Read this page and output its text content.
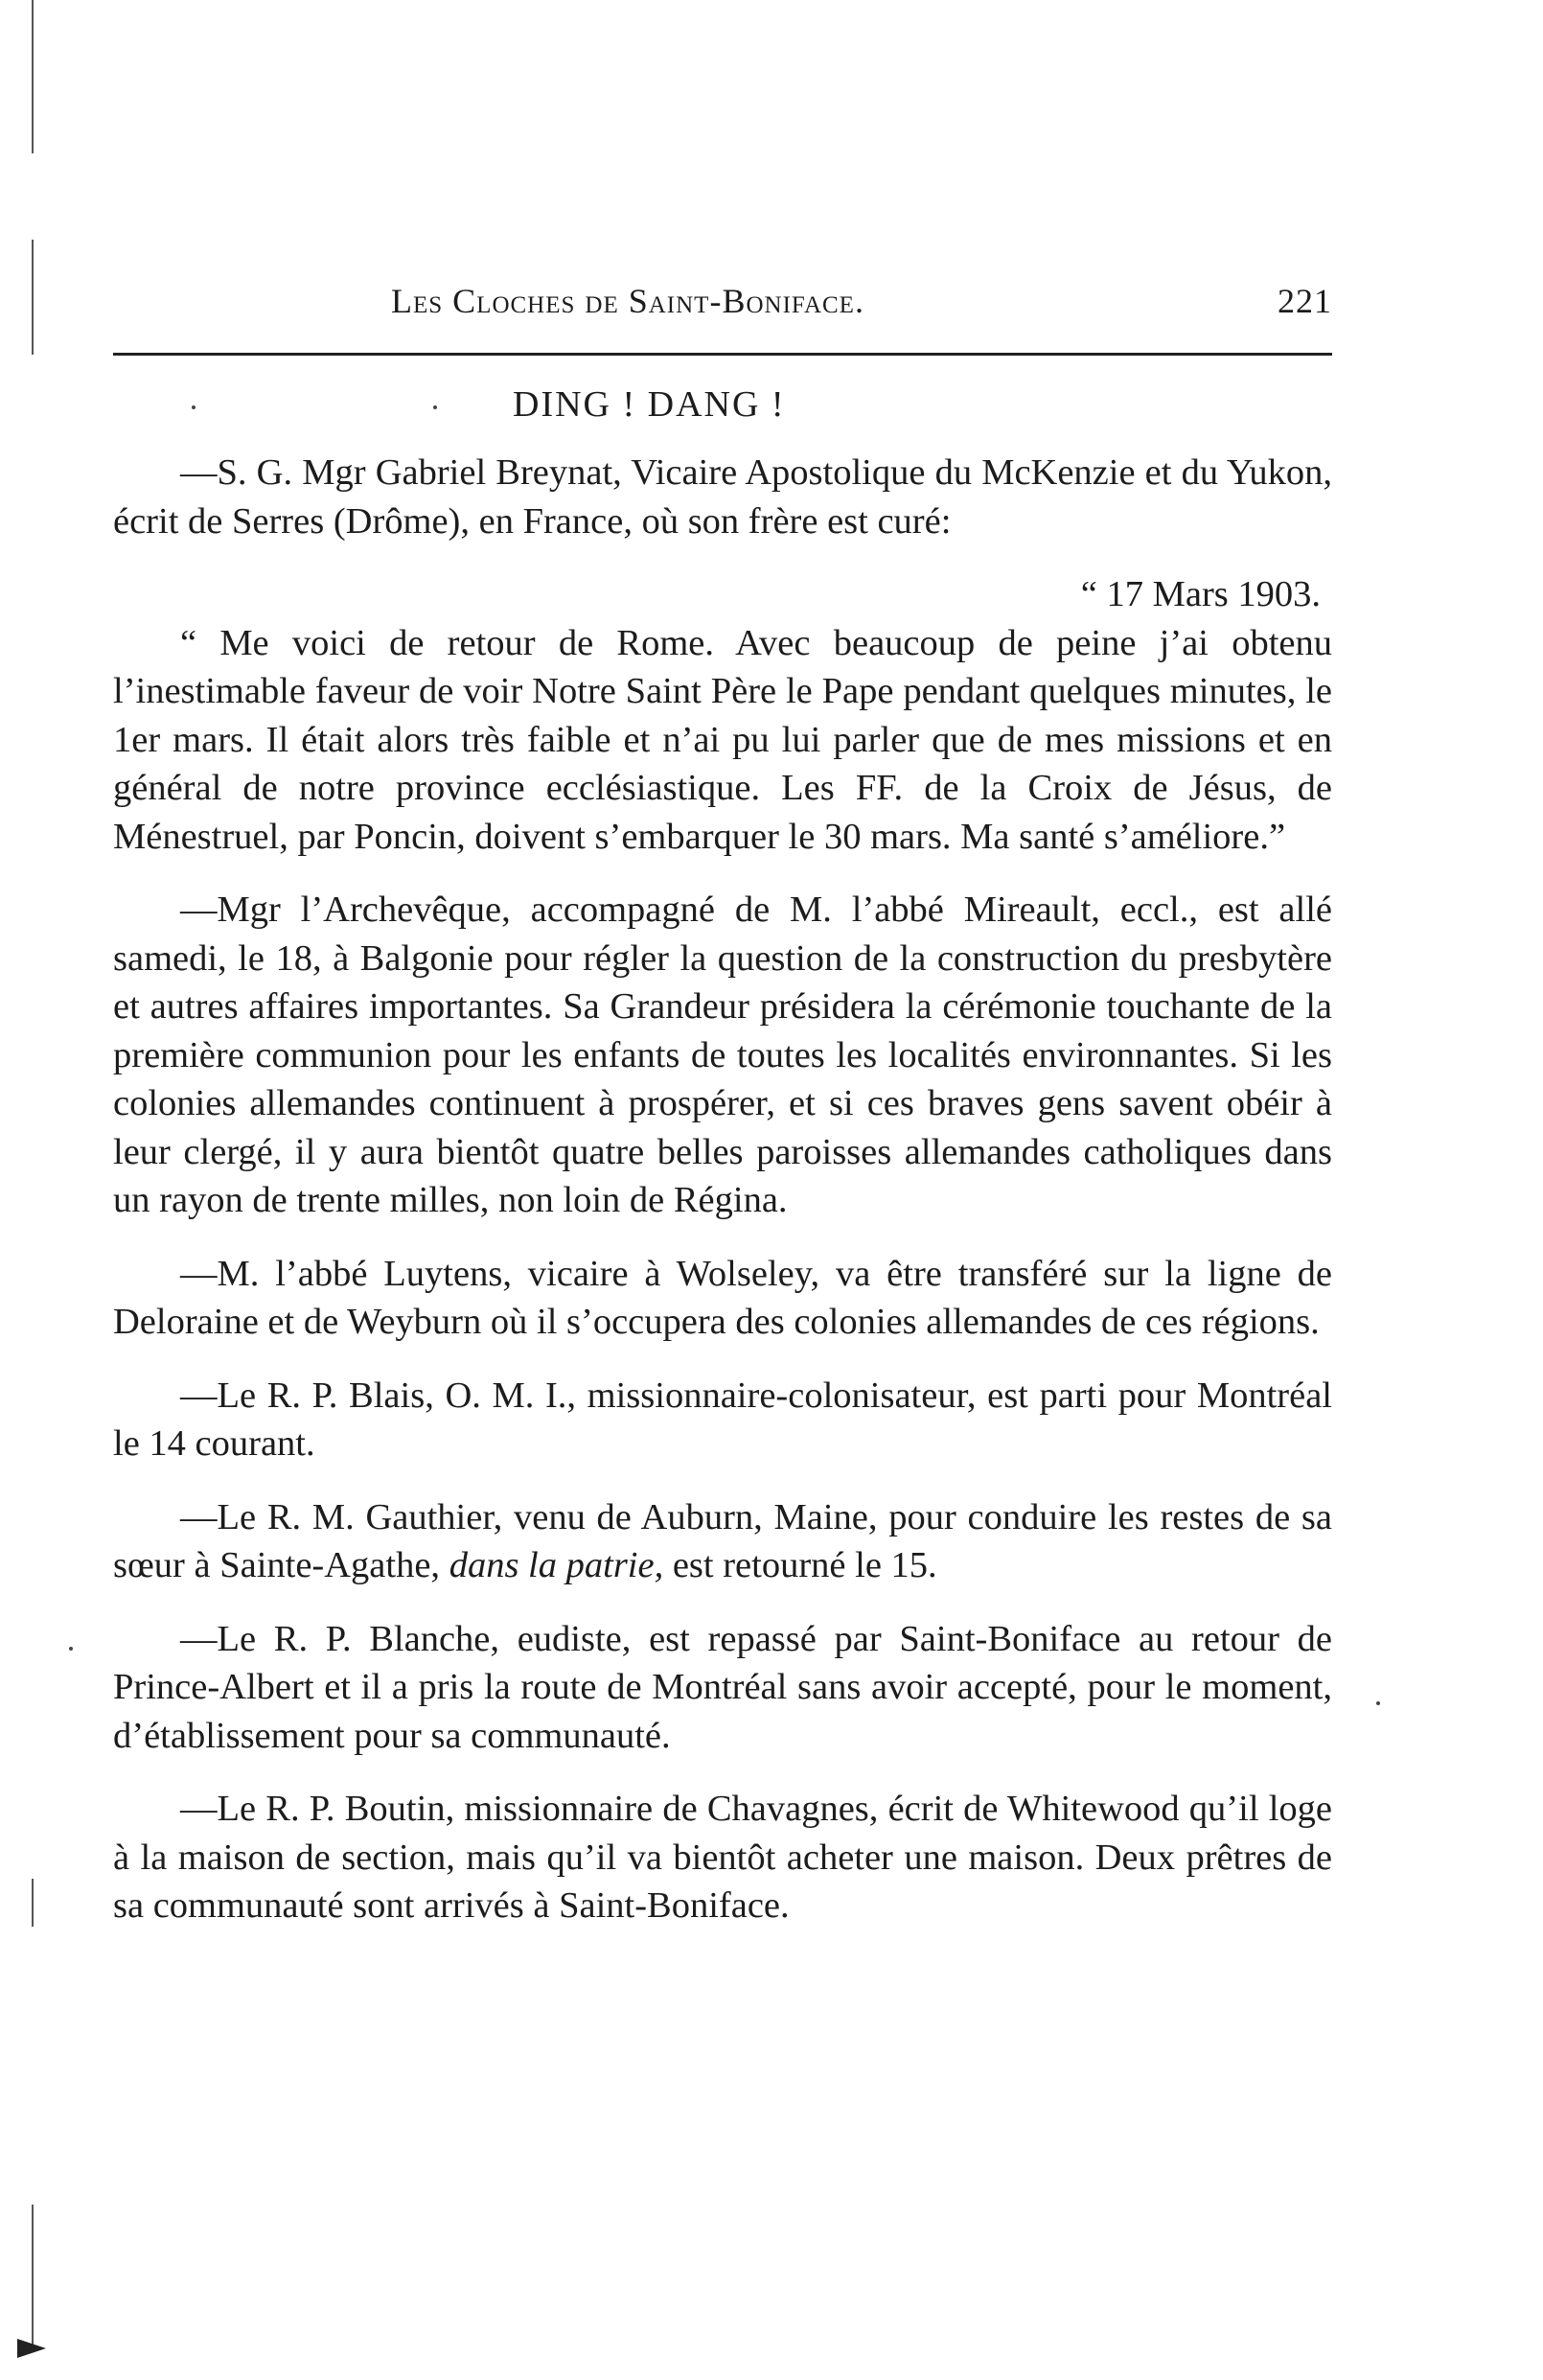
Les Cloches de Saint-Boniface.	221
DING ! DANG !

—S. G. Mgr Gabriel Breynat, Vicaire Apostolique du McKenzie et du Yukon, écrit de Serres (Drôme), en France, où son frère est curé:

“ 17 Mars 1903.

“ Me voici de retour de Rome. Avec beaucoup de peine j’ai obtenu l’inestimable faveur de voir Notre Saint Père le Pape pendant quelques minutes, le 1er mars. Il était alors très faible et n’ai pu lui parler que de mes missions et en général de notre province ecclésiastique. Les FF. de la Croix de Jésus, de Ménestruel, par Poncin, doivent s’embarquer le 30 mars. Ma santé s’améliore.”

—Mgr l’Archevêque, accompagné de M. l’abbé Mireault, eccl., est allé samedi, le 18, à Balgonie pour régler la question de la construction du presbytère et autres affaires importantes. Sa Grandeur présidera la cérémonie touchante de la première communion pour les enfants de toutes les localités environnantes. Si les colonies allemandes continuent à prospérer, et si ces braves gens savent obéir à leur clergé, il y aura bientôt quatre belles paroisses allemandes catholiques dans un rayon de trente milles, non loin de Régina.

—M. l’abbé Luytens, vicaire à Wolseley, va être transféré sur la ligne de Deloraine et de Weyburn où il s’occupera des colonies allemandes de ces régions.

—Le R. P. Blais, O. M. I., missionnaire-colonisateur, est parti pour Montréal le 14 courant.

—Le R. M. Gauthier, venu de Auburn, Maine, pour conduire les restes de sa sœur à Sainte-Agathe, dans la patrie, est retourné le 15.

—Le R. P. Blanche, eudiste, est repassé par Saint-Boniface au retour de Prince-Albert et il a pris la route de Montréal sans avoir accepté, pour le moment, d’établissement pour sa communauté.

—Le R. P. Boutin, missionnaire de Chavagnes, écrit de Whitewood qu’il loge à la maison de section, mais qu’il va bientôt acheter une maison. Deux prêtres de sa communauté sont arrivés à Saint-Boniface.
